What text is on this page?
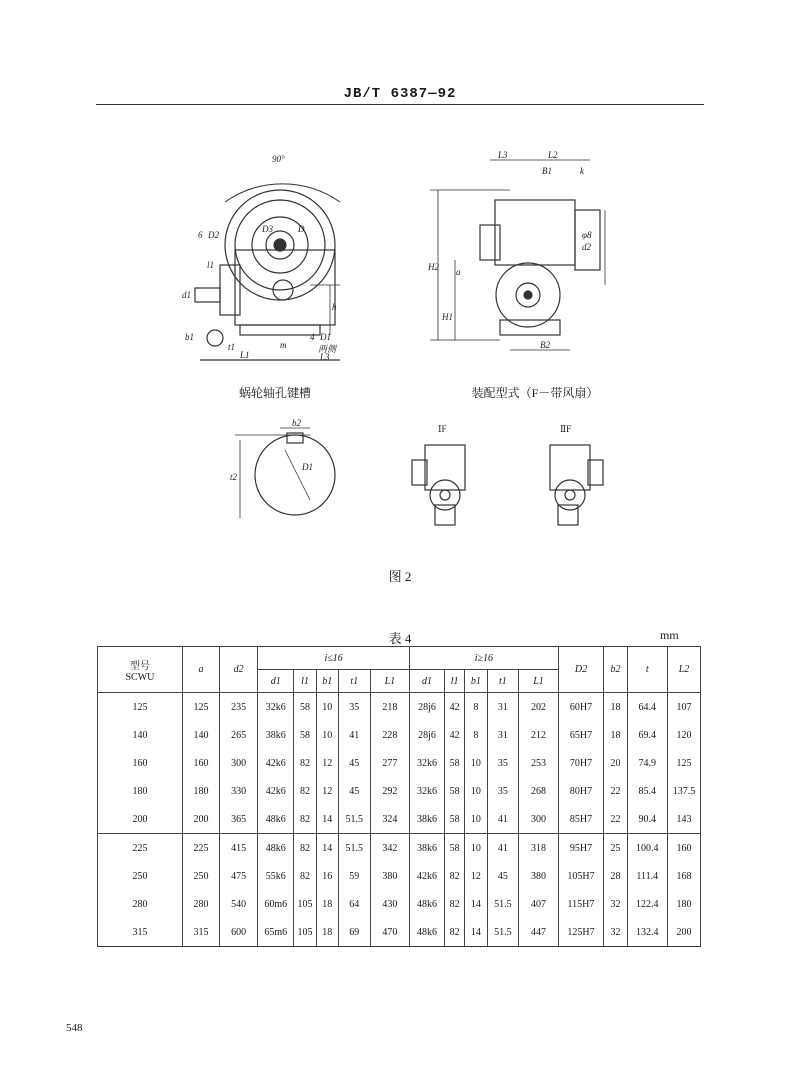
JB/T 6387—92
90°
6 D2
D3	D
l1
d1
h
b1
t1	m
4 D1
两侧
L1	L3
L3	L2
B1	k
d2
H2
H1
a
B2
b2
t2
D1
φ8
ⅠF	ⅡF
蜗轮轴孔键槽	装配型式（F－带风扇）
图 2
表 4	mm
型号
SCWU	a	d2	i≤16					i≥16					D2	b2	t	L2
			d1	l1	b1	t1	L1	d1	l1	b1	t1	L1				
125	125	235	32k6	58	10	35	218	28j6	42	8	31	202	60H7	18	64.4	107
140	140	265	38k6	58	10	41	228	28j6	42	8	31	212	65H7	18	69.4	120
160	160	300	42k6	82	12	45	277	32k6	58	10	35	253	70H7	20	74.9	125
180	180	330	42k6	82	12	45	292	32k6	58	10	35	268	80H7	22	85.4	137.5
200	200	365	48k6	82	14	51.5	324	38k6	58	10	41	300	85H7	22	90.4	143
225	225	415	48k6	82	14	51.5	342	38k6	58	10	41	318	95H7	25	100.4	160
250	250	475	55k6	82	16	59	380	42k6	82	12	45	380	105H7	28	111.4	168
280	280	540	60m6	105	18	64	430	48k6	82	14	51.5	407	115H7	32	122.4	180
315	315	600	65m6	105	18	69	470	48k6	82	14	51.5	447	125H7	32	132.4	200
548
